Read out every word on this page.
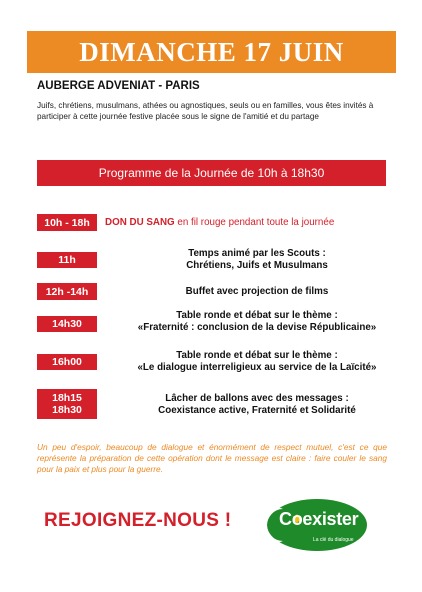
DIMANCHE 17 JUIN
AUBERGE ADVENIAT - PARIS
Juifs, chrétiens, musulmans, athées ou agnostiques, seuls ou en familles, vous êtes invités à participer à cette journée festive placée sous le signe de l'amitié et du partage
Programme de la Journée de 10h à 18h30
10h - 18h DON DU SANG en fil rouge pendant toute la journée
11h
Temps animé par les Scouts :
Chrétiens, Juifs et Musulmans
12h - 14h	Buffet avec projection de films
14h30
Table ronde et débat sur le thème :
«Fraternité : conclusion de la devise Républicaine»
16h00
Table ronde et débat sur le thème :
«Le dialogue interreligieux au service de la Laïcité»
18h15
18h30
Lâcher de ballons avec des messages :
Coexistance active, Fraternité et Solidarité
Un peu d'espoir, beaucoup de dialogue et énormément de respect mutuel, c'est ce que représente la préparation de cette opération dont le message est claire : faire couler le sang pour la paix et plus pour la guerre.
REJOIGNEZ-NOUS !	Coexister
La clé du dialogue
